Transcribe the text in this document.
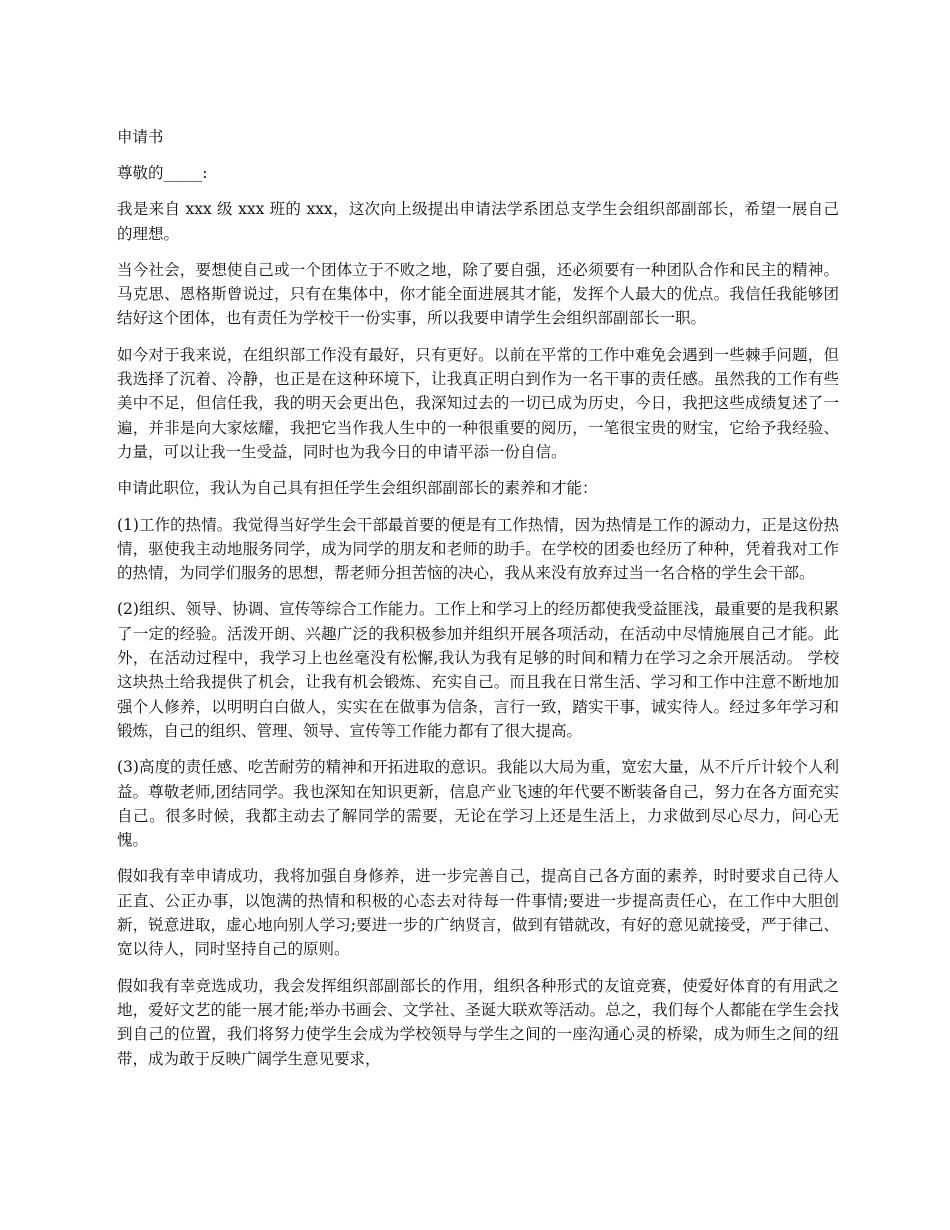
申请书

尊敬的_____:

我是来自 xxx 级 xxx 班的 xxx，这次向上级提出申请法学系团总支学生会组织部副部长，希望一展自己的理想。

当今社会，要想使自己或一个团体立于不败之地，除了要自强，还必须要有一种团队合作和民主的精神。马克思、恩格斯曾说过，只有在集体中，你才能全面进展其才能，发挥个人最大的优点。我信任我能够团结好这个团体，也有责任为学校干一份实事，所以我要申请学生会组织部副部长一职。

如今对于我来说，在组织部工作没有最好，只有更好。以前在平常的工作中难免会遇到一些棘手问题，但我选择了沉着、冷静，也正是在这种环境下，让我真正明白到作为一名干事的责任感。虽然我的工作有些美中不足，但信任我，我的明天会更出色，我深知过去的一切已成为历史，今日，我把这些成绩复述了一遍，并非是向大家炫耀，我把它当作我人生中的一种很重要的阅历，一笔很宝贵的财宝，它给予我经验、力量，可以让我一生受益，同时也为我今日的申请平添一份自信。

申请此职位，我认为自己具有担任学生会组织部副部长的素养和才能：

(1)工作的热情。我觉得当好学生会干部最首要的便是有工作热情，因为热情是工作的源动力，正是这份热情，驱使我主动地服务同学，成为同学的朋友和老师的助手。在学校的团委也经历了种种，凭着我对工作的热情，为同学们服务的思想，帮老师分担苦恼的决心，我从来没有放弃过当一名合格的学生会干部。

(2)组织、领导、协调、宣传等综合工作能力。工作上和学习上的经历都使我受益匪浅，最重要的是我积累了一定的经验。活泼开朗、兴趣广泛的我积极参加并组织开展各项活动，在活动中尽情施展自己才能。此外，在活动过程中，我学习上也丝毫没有松懈,我认为我有足够的时间和精力在学习之余开展活动。 学校这块热土给我提供了机会，让我有机会锻炼、充实自己。而且我在日常生活、学习和工作中注意不断地加强个人修养，以明明白白做人，实实在在做事为信条，言行一致，踏实干事，诚实待人。经过多年学习和锻炼，自己的组织、管理、领导、宣传等工作能力都有了很大提高。

(3)高度的责任感、吃苦耐劳的精神和开拓进取的意识。我能以大局为重，宽宏大量，从不斤斤计较个人利益。尊敬老师,团结同学。我也深知在知识更新，信息产业飞速的年代要不断装备自己，努力在各方面充实自己。很多时候，我都主动去了解同学的需要，无论在学习上还是生活上，力求做到尽心尽力，问心无愧。

假如我有幸申请成功，我将加强自身修养，进一步完善自己，提高自己各方面的素养，时时要求自己待人正直、公正办事，以饱满的热情和积极的心态去对待每一件事情;要进一步提高责任心，在工作中大胆创新，锐意进取，虚心地向别人学习;要进一步的广纳贤言，做到有错就改，有好的意见就接受，严于律己、宽以待人，同时坚持自己的原则。

假如我有幸竞选成功，我会发挥组织部副部长的作用，组织各种形式的友谊竞赛，使爱好体育的有用武之地，爱好文艺的能一展才能;举办书画会、文学社、圣诞大联欢等活动。总之，我们每个人都能在学生会找到自己的位置，我们将努力使学生会成为学校领导与学生之间的一座沟通心灵的桥梁，成为师生之间的纽带，成为敢于反映广阔学生意见要求，
